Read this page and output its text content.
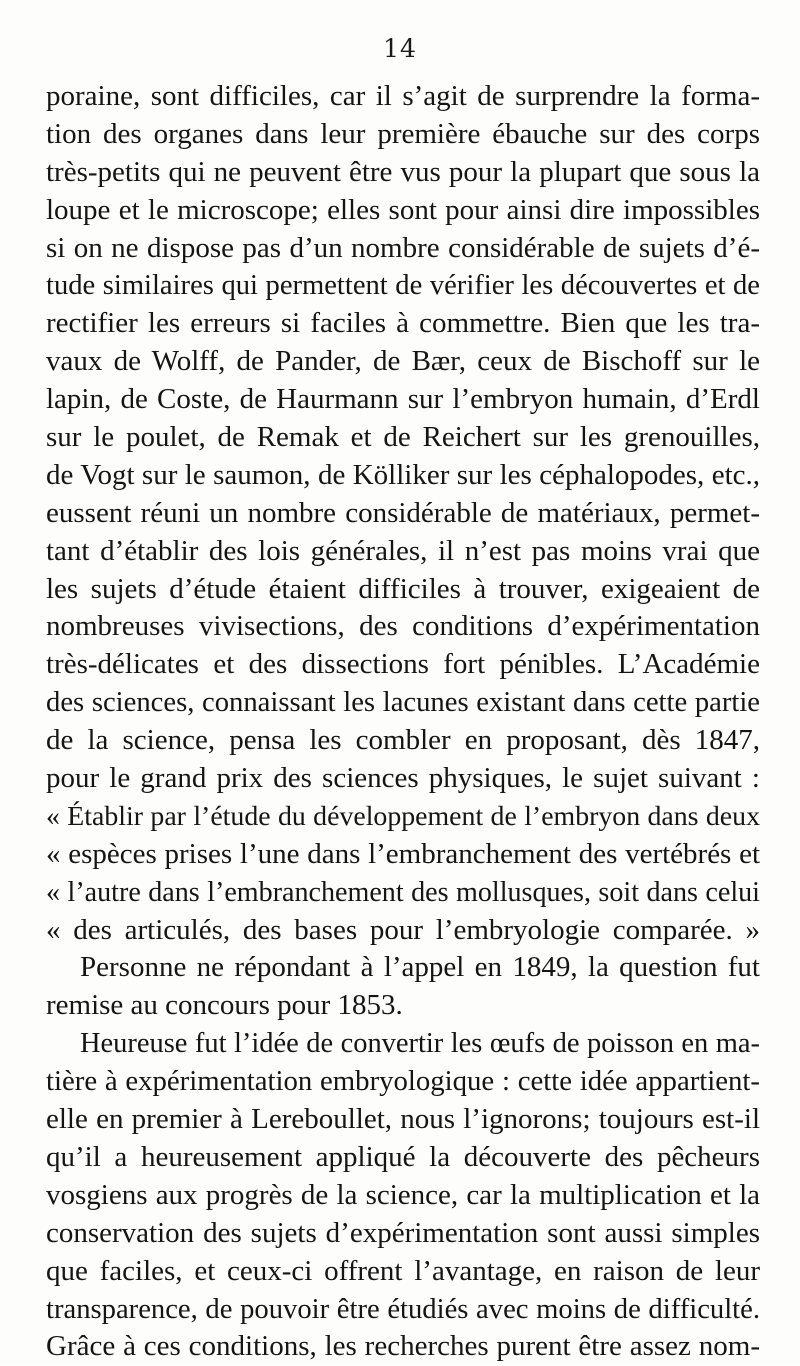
14
poraine, sont difficiles, car il s’agit de surprendre la forma-
tion des organes dans leur première ébauche sur des corps
très-petits qui ne peuvent être vus pour la plupart que sous la
loupe et le microscope; elles sont pour ainsi dire impossibles
si on ne dispose pas d’un nombre considérable de sujets d’é-
tude similaires qui permettent de vérifier les découvertes et de
rectifier les erreurs si faciles à commettre. Bien que les tra-
vaux de Wolff, de Pander, de Bær, ceux de Bischoff sur le
lapin, de Coste, de Haurmann sur l’embryon humain, d’Erdl
sur le poulet, de Remak et de Reichert sur les grenouilles,
de Vogt sur le saumon, de Kölliker sur les céphalopodes, etc.,
eussent réuni un nombre considérable de matériaux, permet-
tant d’établir des lois générales, il n’est pas moins vrai que
les sujets d’étude étaient difficiles à trouver, exigeaient de
nombreuses vivisections, des conditions d’expérimentation
très-délicates et des dissections fort pénibles. L’Académie
des sciences, connaissant les lacunes existant dans cette partie
de la science, pensa les combler en proposant, dès 1847,
pour le grand prix des sciences physiques, le sujet suivant :
« Établir par l’étude du développement de l’embryon dans deux
« espèces prises l’une dans l’embranchement des vertébrés et
« l’autre dans l’embranchement des mollusques, soit dans celui
« des articulés, des bases pour l’embryologie comparée. »
Personne ne répondant à l’appel en 1849, la question fut
remise au concours pour 1853.
Heureuse fut l’idée de convertir les œufs de poisson en ma-
tière à expérimentation embryologique : cette idée appartient-
elle en premier à Lereboullet, nous l’ignorons; toujours est-il
qu’il a heureusement appliqué la découverte des pêcheurs
vosgiens aux progrès de la science, car la multiplication et la
conservation des sujets d’expérimentation sont aussi simples
que faciles, et ceux-ci offrent l’avantage, en raison de leur
transparence, de pouvoir être étudiés avec moins de difficulté.
Grâce à ces conditions, les recherches purent être assez nom-
